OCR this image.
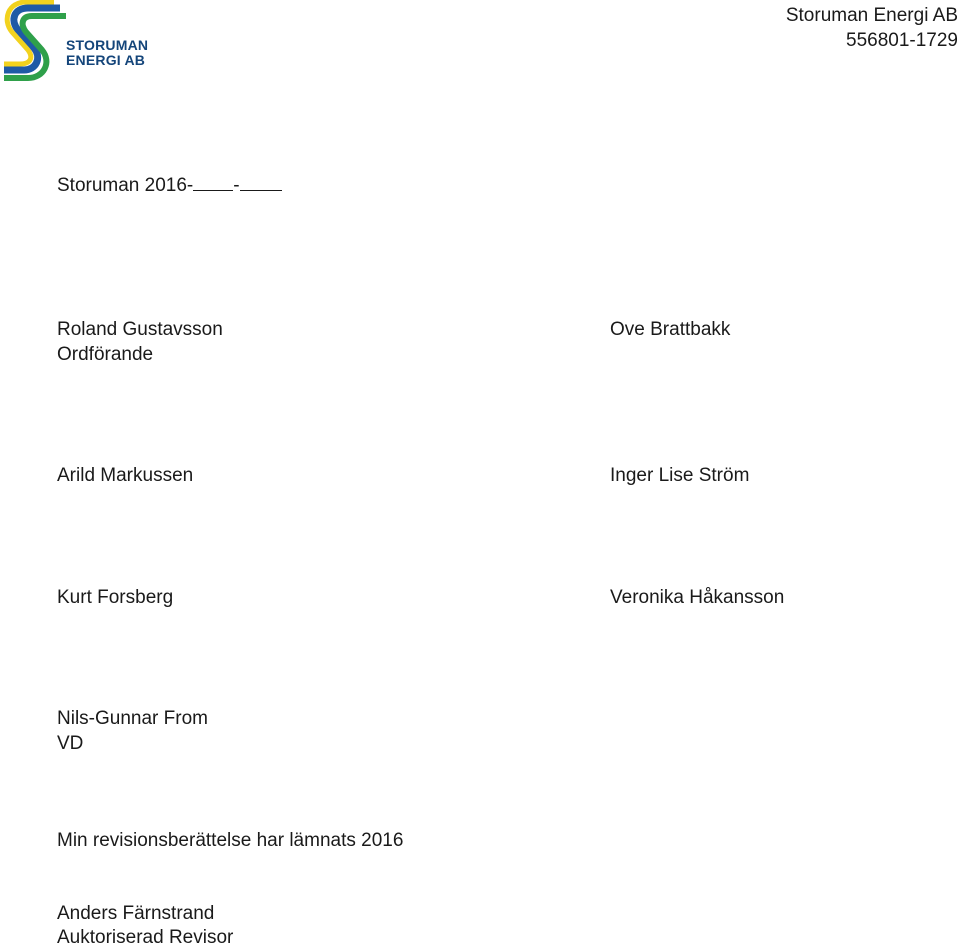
STORUMAN
ENERGI AB
Storuman Energi AB
556801-1729
Storuman 2016- -
Roland Gustavsson
Ordförande
Ove Brattbakk
Arild Markussen	Inger Lise Ström
Kurt Forsberg	Veronika Håkansson
Nils-Gunnar From
VD
Min revisionsberättelse har lämnats 2016
Anders Färnstrand
Auktoriserad Revisor
